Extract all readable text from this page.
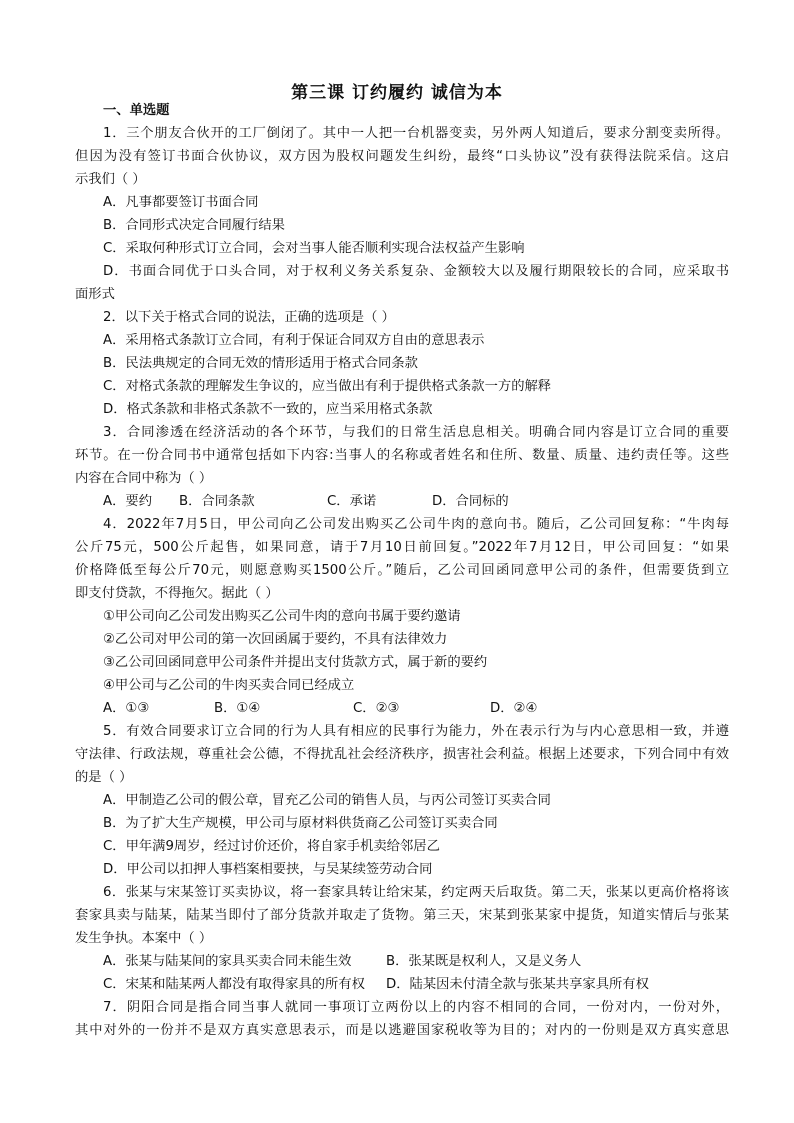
第三课 订约履约 诚信为本
一、单选题
1．三个朋友合伙开的工厂倒闭了。其中一人把一台机器变卖，另外两人知道后，要求分割变卖所得。
但因为没有签订书面合伙协议，双方因为股权问题发生纠纷，最终“口头协议”没有获得法院采信。这启
示我们（ ）
A．凡事都要签订书面合同
B．合同形式决定合同履行结果
C．采取何种形式订立合同，会对当事人能否顺利实现合法权益产生影响
D．书面合同优于口头合同，对于权利义务关系复杂、金额较大以及履行期限较长的合同，应采取书
面形式
2．以下关于格式合同的说法，正确的选项是（ ）
A．采用格式条款订立合同，有利于保证合同双方自由的意思表示
B．民法典规定的合同无效的情形适用于格式合同条款
C．对格式条款的理解发生争议的，应当做出有利于提供格式条款一方的解释
D．格式条款和非格式条款不一致的，应当采用格式条款
3．合同渗透在经济活动的各个环节，与我们的日常生活息息相关。明确合同内容是订立合同的重要
环节。在一份合同书中通常包括如下内容:当事人的名称或者姓名和住所、数量、质量、违约责任等。这些
内容在合同中称为（ ）
A．要约 B．合同条款	C．承诺	D．合同标的
4．2022年7月5日，甲公司向乙公司发出购买乙公司牛肉的意向书。随后，乙公司回复称：“牛肉每
公斤75元，500公斤起售，如果同意，请于7月10日前回复。”2022年7月12日，甲公司回复：“如果
价格降低至每公斤70元，则愿意购买1500公斤。”随后，乙公司回函同意甲公司的条件，但需要货到立
即支付贷款，不得拖欠。据此（ ）
①甲公司向乙公司发出购买乙公司牛肉的意向书属于要约邀请
②乙公司对甲公司的第一次回函属于要约，不具有法律效力
③乙公司回函同意甲公司条件并提出支付货款方式，属于新的要约
④甲公司与乙公司的牛肉买卖合同已经成立
A．①③	B．①④	C．②③	D．②④
5．有效合同要求订立合同的行为人具有相应的民事行为能力，外在表示行为与内心意思相一致，并遵
守法律、行政法规，尊重社会公德，不得扰乱社会经济秩序，损害社会利益。根据上述要求，下列合同中有效
的是（ ）
A．甲制造乙公司的假公章，冒充乙公司的销售人员，与丙公司签订买卖合同
B．为了扩大生产规模，甲公司与原材料供货商乙公司签订买卖合同
C．甲年满9周岁，经过讨价还价，将自家手机卖给邻居乙
D．甲公司以扣押人事档案相要挟，与吴某续签劳动合同
6．张某与宋某签订买卖协议，将一套家具转让给宋某，约定两天后取货。第二天，张某以更高价格将该
套家具卖与陆某，陆某当即付了部分货款并取走了货物。第三天，宋某到张某家中提货，知道实情后与张某
发生争执。本案中（ ）
A．张某与陆某间的家具买卖合同未能生效	B．张某既是权利人，又是义务人
C．宋某和陆某两人都没有取得家具的所有权 D．陆某因未付清全款与张某共享家具所有权
7．阴阳合同是指合同当事人就同一事项订立两份以上的内容不相同的合同，一份对内，一份对外，
其中对外的一份并不是双方真实意思表示，而是以逃避国家税收等为目的；对内的一份则是双方真实意思
